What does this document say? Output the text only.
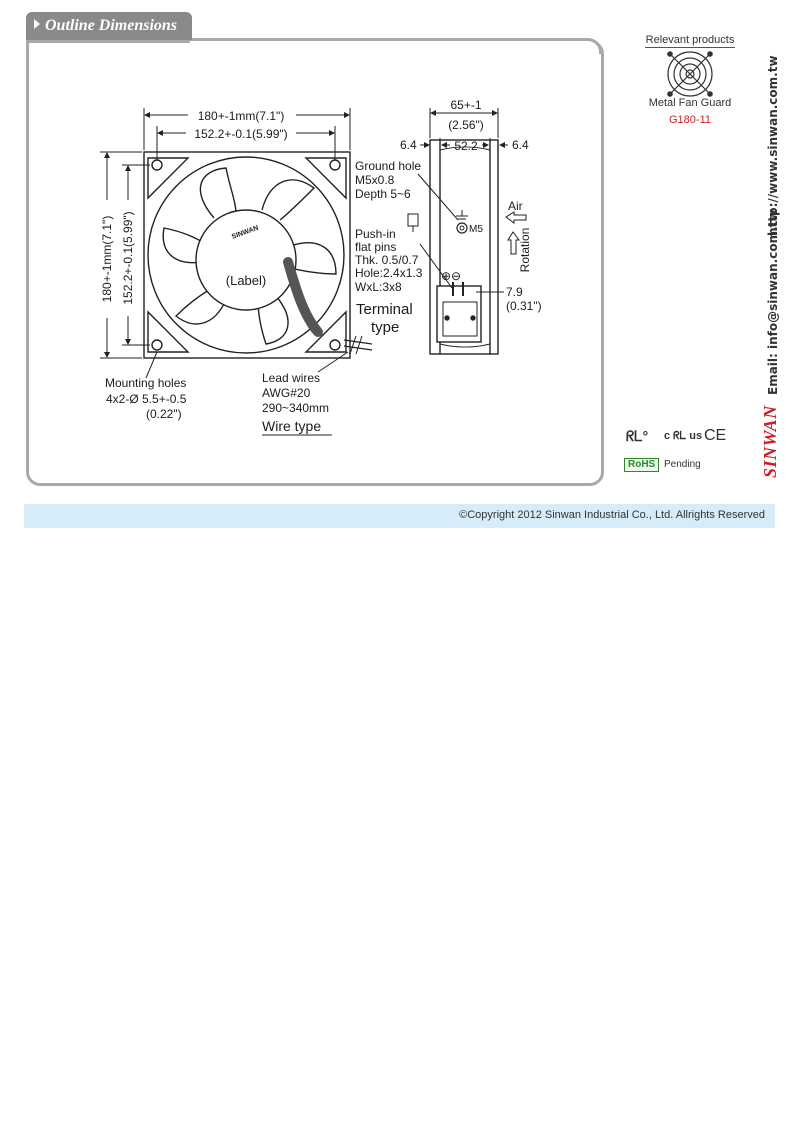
Outline Dimensions
SINWAN
(Label)
180+-1mm(7.1")
152.2+-0.1(5.99")
180+-1mm(7.1") 152.2+-0.1(5.99")
Mounting holes
4x2-Ø 5.5+-0.5
(0.22")
Lead wires
AWG#20
290~340mm
Wire type
M5
⊕⊖
65+-1
(2.56")
6.4	52.2	6.4
7.9
(0.31")
Air
Rotation
Ground hole
M5x0.8
Depth 5~6
Push-in
flat pins
Thk. 0.5/0.7
Hole:2.4x1.3
WxL:3x8
Terminal
type
Relevant products
Metal Fan Guard
G180-11	http://www.sinwan.com.tw
Email: info@sinwan.com.tw
SINWAN
ᖇᒪ° c ᖇᒪ us CE
RoHS Pending
©Copyright 2012 Sinwan Industrial Co., Ltd. Allrights Reserved
